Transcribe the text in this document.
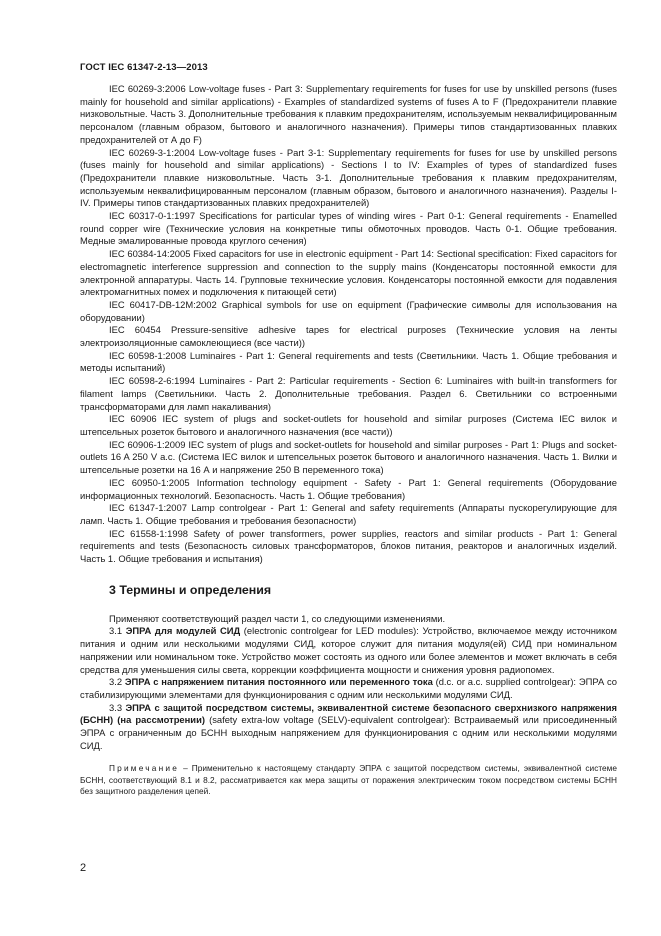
ГОСТ IEC 61347-2-13—2013

IEC 60269-3:2006 Low-voltage fuses - Part 3: Supplementary requirements for fuses for use by unskilled persons (fuses mainly for household and similar applications) - Examples of standardized systems of fuses A to F (Предохранители плавкие низковольтные. Часть 3. Дополнительные требования к плавким предохранителям, используемым неквалифицированным персоналом (главным образом, бытового и аналогичного назначения). Примеры типов стандартизованных плавких предохранителей от А до F)

IEC 60269-3-1:2004 Low-voltage fuses - Part 3-1: Supplementary requirements for fuses for use by unskilled persons (fuses mainly for household and similar applications) - Sections I to IV: Examples of types of standardized fuses (Предохранители плавкие низковольтные. Часть 3-1. Дополнительные требования к плавким предохранителям, используемым неквалифицированным персоналом (главным образом, бытового и аналогичного назначения). Разделы I-IV. Примеры типов стандартизованных плавких предохранителей)

IEC 60317-0-1:1997 Specifications for particular types of winding wires - Part 0-1: General requirements - Enamelled round copper wire (Технические условия на конкретные типы обмоточных проводов. Часть 0-1. Общие требования. Медные эмалированные провода круглого сечения)

IEC 60384-14:2005 Fixed capacitors for use in electronic equipment - Part 14: Sectional specification: Fixed capacitors for electromagnetic interference suppression and connection to the supply mains (Конденсаторы постоянной емкости для электронной аппаратуры. Часть 14. Групповые технические условия. Конденсаторы постоянной емкости для подавления электромагнитных помех и подключения к питающей сети)

IEC 60417-DB-12M:2002 Graphical symbols for use on equipment (Графические символы для использования на оборудовании)

IEC 60454 Pressure-sensitive adhesive tapes for electrical purposes (Технические условия на ленты электроизоляционные самоклеющиеся (все части))

IEC 60598-1:2008 Luminaires - Part 1: General requirements and tests (Светильники. Часть 1. Общие требования и методы испытаний)

IEC 60598-2-6:1994 Luminaires - Part 2: Particular requirements - Section 6: Luminaires with built-in transformers for filament lamps (Светильники. Часть 2. Дополнительные требования. Раздел 6. Светильники со встроенными трансформаторами для ламп накаливания)

IEC 60906 IEC system of plugs and socket-outlets for household and similar purposes (Система IEC вилок и штепсельных розеток бытового и аналогичного назначения (все части))

IEC 60906-1:2009 IEC system of plugs and socket-outlets for household and similar purposes - Part 1: Plugs and socket-outlets 16 A 250 V a.c. (Система IEC вилок и штепсельных розеток бытового и аналогичного назначения. Часть 1. Вилки и штепсельные розетки на 16 А и напряжение 250 В переменного тока)

IEC 60950-1:2005 Information technology equipment - Safety - Part 1: General requirements (Оборудование информационных технологий. Безопасность. Часть 1. Общие требования)

IEC 61347-1:2007 Lamp controlgear - Part 1: General and safety requirements (Аппараты пускорегулирующие для ламп. Часть 1. Общие требования и требования безопасности)

IEC 61558-1:1998 Safety of power transformers, power supplies, reactors and similar products - Part 1: General requirements and tests (Безопасность силовых трансформаторов, блоков питания, реакторов и аналогичных изделий. Часть 1. Общие требования и испытания)

3 Термины и определения

Применяют соответствующий раздел части 1, со следующими изменениями.

3.1 ЭПРА для модулей СИД (electronic controlgear for LED modules): Устройство, включаемое между источником питания и одним или несколькими модулями СИД, которое служит для питания модуля(ей) СИД при номинальном напряжении или номинальном токе. Устройство может состоять из одного или более элементов и может включать в себя средства для уменьшения силы света, коррекции коэффициента мощности и снижения уровня радиопомех.

3.2 ЭПРА с напряжением питания постоянного или переменного тока (d.c. or a.c. supplied controlgear): ЭПРА со стабилизирующими элементами для функционирования с одним или несколькими модулями СИД.

3.3 ЭПРА с защитой посредством системы, эквивалентной системе безопасного сверхнизкого напряжения (БСНН) (на рассмотрении) (safety extra-low voltage (SELV)-equivalent controlgear): Встраиваемый или присоединенный ЭПРА с ограниченным до БСНН выходным напряжением для функционирования с одним или несколькими модулями СИД.

Примечание – Применительно к настоящему стандарту ЭПРА с защитой посредством системы, эквивалентной системе БСНН, соответствующий 8.1 и 8.2, рассматривается как мера защиты от поражения электрическим током посредством системы БСНН без защитного разделения цепей.

2
